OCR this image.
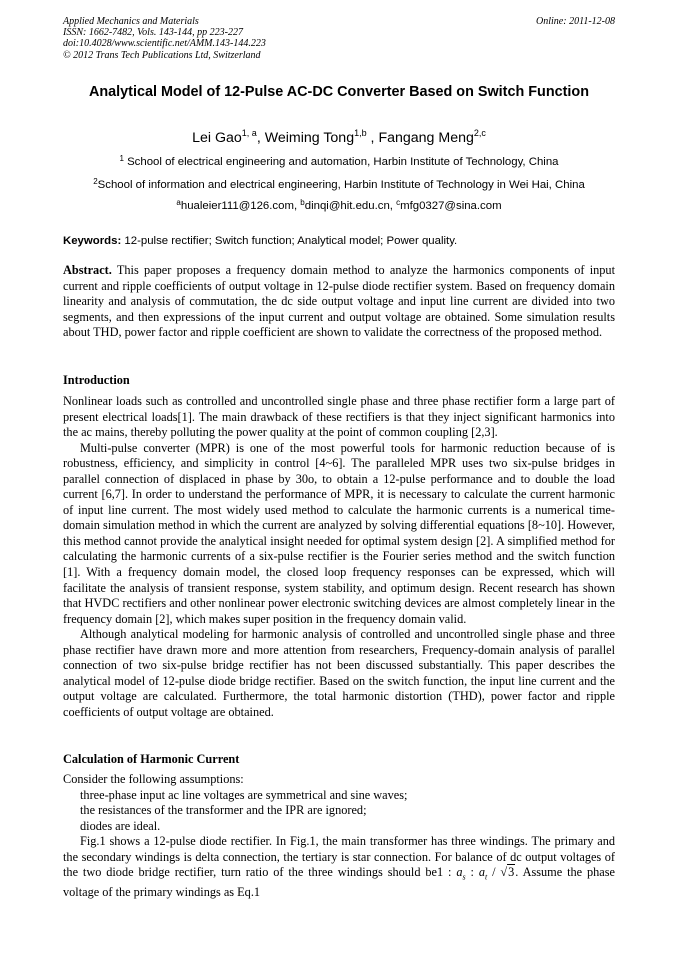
Applied Mechanics and Materials
ISSN: 1662-7482, Vols. 143-144, pp 223-227
doi:10.4028/www.scientific.net/AMM.143-144.223
© 2012 Trans Tech Publications Ltd, Switzerland
Online: 2011-12-08
Analytical Model of 12-Pulse AC-DC Converter Based on Switch Function
Lei Gao$^{1, a}$, Weiming Tong$^{1,b}$ , Fangang Meng$^{2,c}$
$^1$ School of electrical engineering and automation, Harbin Institute of Technology, China
$^2$School of information and electrical engineering, Harbin Institute of Technology in Wei Hai, China
$^a$hualeier111@126.com, $^b$dinqi@hit.edu.cn, $^c$mfg0327@sina.com
Keywords: 12-pulse rectifier; Switch function; Analytical model; Power quality.
Abstract. This paper proposes a frequency domain method to analyze the harmonics components of input current and ripple coefficients of output voltage in 12-pulse diode rectifier system. Based on frequency domain linearity and analysis of commutation, the dc side output voltage and input line current are divided into two segments, and then expressions of the input current and output voltage are obtained. Some simulation results about THD, power factor and ripple coefficient are shown to validate the correctness of the proposed method.
Introduction

Nonlinear loads such as controlled and uncontrolled single phase and three phase rectifier form a large part of present electrical loads[1]. The main drawback of these rectifiers is that they inject significant harmonics into the ac mains, thereby polluting the power quality at the point of common coupling [2,3].

Multi-pulse converter (MPR) is one of the most powerful tools for harmonic reduction because of is robustness, efficiency, and simplicity in control [4~6]. The paralleled MPR uses two six-pulse bridges in parallel connection of displaced in phase by 30o, to obtain a 12-pulse performance and to double the load current [6,7]. In order to understand the performance of MPR, it is necessary to calculate the current harmonic of input line current. The most widely used method to calculate the harmonic currents is a numerical time-domain simulation method in which the current are analyzed by solving differential equations [8~10]. However, this method cannot provide the analytical insight needed for optimal system design [2]. A simplified method for calculating the harmonic currents of a six-pulse rectifier is the Fourier series method and the switch function [1]. With a frequency domain model, the closed loop frequency responses can be expressed, which will facilitate the analysis of transient response, system stability, and optimum design. Recent research has shown that HVDC rectifiers and other nonlinear power electronic switching devices are almost completely linear in the frequency domain [2], which makes super position in the frequency domain valid.

Although analytical modeling for harmonic analysis of controlled and uncontrolled single phase and three phase rectifier have drawn more and more attention from researchers, Frequency-domain analysis of parallel connection of two six-pulse bridge rectifier has not been discussed substantially. This paper describes the analytical model of 12-pulse diode bridge rectifier. Based on the switch function, the input line current and the output voltage are calculated. Furthermore, the total harmonic distortion (THD), power factor and ripple coefficients of output voltage are obtained.

Calculation of Harmonic Current

Consider the following assumptions:

three-phase input ac line voltages are symmetrical and sine waves;

the resistances of the transformer and the IPR are ignored;

diodes are ideal.

Fig.1 shows a 12-pulse diode rectifier. In Fig.1, the main transformer has three windings. The primary and the secondary windings is delta connection, the tertiary is star connection. For balance of dc output voltages of the two diode bridge rectifier, turn ratio of the three windings should be1 : $a_s$ : $a_t / √3$. Assume the phase voltage of the primary windings as Eq.1
